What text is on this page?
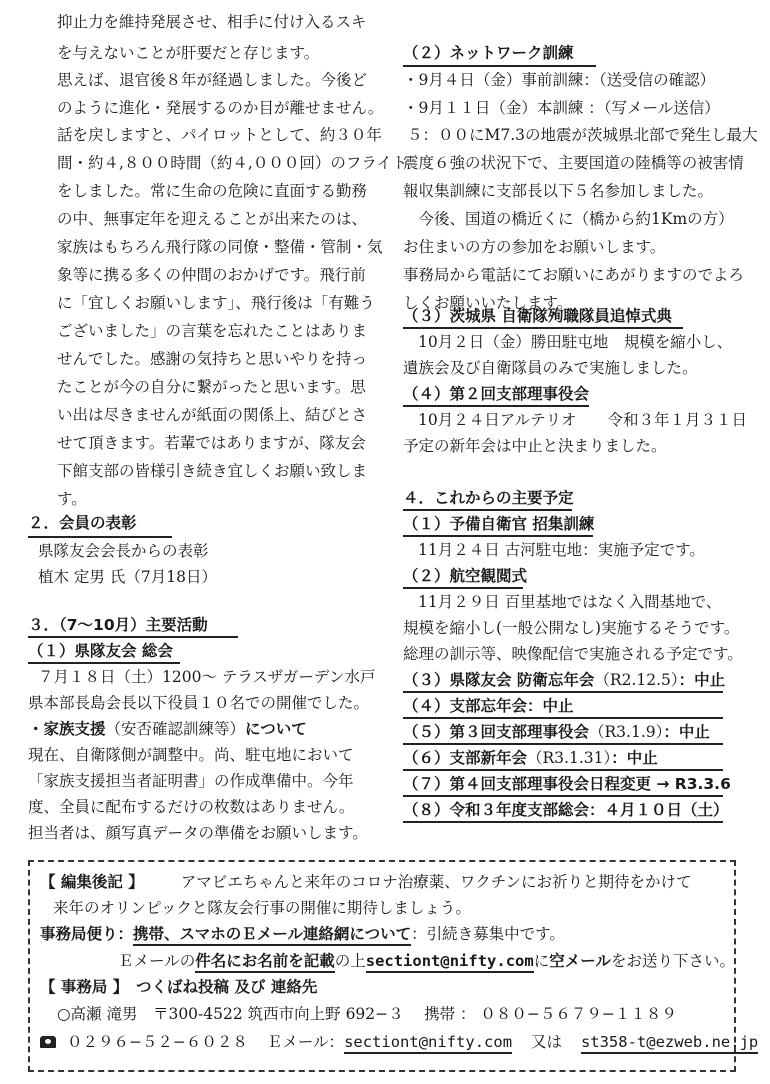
抑止力を維持発展させ、相手に付け入るスキ
を与えないことが肝要だと存じます。
思えば、退官後８年が経過しました。今後ど
のように進化・発展するのか目が離せません。
話を戻しますと、パイロットとして、約３０年
間・約４,８００時間（約４,０００回）のフライト
をしました。常に生命の危険に直面する勤務
の中、無事定年を迎えることが出来たのは、
家族はもちろん飛行隊の同僚・整備・管制・気
象等に携る多くの仲間のおかげです。飛行前
に「宜しくお願いします」、飛行後は「有難う
ございました」の言葉を忘れたことはありま
せんでした。感謝の気持ちと思いやりを持っ
たことが今の自分に繋がったと思います。思
い出は尽きませんが紙面の関係上、結びとさ
せて頂きます。若輩ではありますが、隊友会
下館支部の皆様引き続き宜しくお願い致しま
す。
２．会員の表彰
県隊友会会長からの表彰
植木 定男 氏（7月18日）
３．（7〜10月）主要活動
（１）県隊友会 総会
７月１８日（土）1200〜 テラスザガーデン水戸
県本部長島会長以下役員１０名での開催でした。
・家族支援（安否確認訓練等）について
現在、自衛隊側が調整中。尚、駐屯地において
「家族支援担当者証明書」の作成準備中。今年
度、全員に配布するだけの枚数はありません。
担当者は、顔写真データの準備をお願いします。
（２）ネットワーク訓練
・9月４日（金）事前訓練：（送受信の確認）
・9月１１日（金）本訓練 ：（写メール送信）
５：００にM7.3の地震が茨城県北部で発生し最大
震度６強の状況下で、主要国道の陸橋等の被害情
報収集訓練に支部長以下５名参加しました。
　今後、国道の橋近くに（橋から約1Kmの方）
お住まいの方の参加をお願いします。
事務局から電話にてお願いにあがりますのでよろ
しくお願いいたします。
（３）茨城県 自衛隊殉職隊員追悼式典
10月２日（金）勝田駐屯地　規模を縮小し、
遺族会及び自衛隊員のみで実施しました。
（４）第２回支部理事役会
10月２４日アルテリオ　　令和３年１月３１日
予定の新年会は中止と決まりました。
４．これからの主要予定
（１）予備自衛官 招集訓練
11月２４日 古河駐屯地：実施予定です。
（２）航空観閲式
11月２９日 百里基地ではなく入間基地で、
規模を縮小し(一般公開なし)実施するそうです。
総理の訓示等、映像配信で実施される予定です。
（３）県隊友会 防衛忘年会（R2.12.5）：中止
（４）支部忘年会：中止
（５）第３回支部理事役会（R3.1.9）：中止
（６）支部新年会（R3.1.31）：中止
（７）第４回支部理事役会日程変更 → R3.3.6
（８）令和３年度支部総会：４月１０日（土）
【 編集後記 】 アマビエちゃんと来年のコロナ治療薬、ワクチンにお祈りと期待をかけて
来年のオリンピックと隊友会行事の開催に期待しましょう。
事務局便り：携帯、スマホのＥメール連絡網について：引続き募集中です。
Ｅメールの件名にお名前を記載の上sectiont@nifty.comに空メールをお送り下さい。
【 事務局 】　つくばね投稿 及び 連絡先
○高瀬 滝男　〒300-4522 筑西市向上野 692−３　 携帯 ： ０８０−５６７９−１１８９
０２９６−５２−６０２８ Ｅメール：sectiont@nifty.com 又は st358-t@ezweb.ne.jp
